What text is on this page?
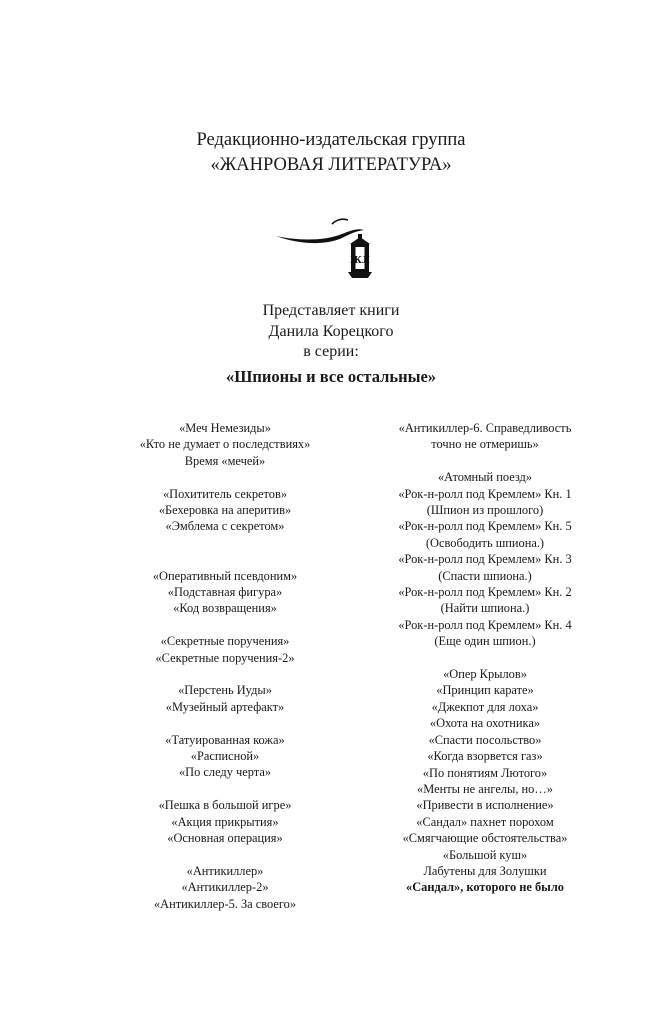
Редакционно-издательская группа
«ЖАНРОВАЯ ЛИТЕРАТУРА»
ЖЛ
Представляет книги
Данила Корецкого
в серии:
«Шпионы и все остальные»
«Меч Немезиды»
«Кто не думает о последствиях»
Время «мечей»
«Похититель секретов»
«Бехеровка на аперитив»
«Эмблема с секретом»
«Оперативный псевдоним»
«Подставная фигура»
«Код возвращения»
«Секретные поручения»
«Секретные поручения-2»
«Перстень Иуды»
«Музейный артефакт»
«Татуированная кожа»
«Расписной»
«По следу черта»
«Пешка в большой игре»
«Акция прикрытия»
«Основная операция»
«Антикиллер»
«Антикиллер-2»
«Антикиллер-5. За своего»
«Антикиллер-6. Справедливость
точно не отмеришь»
«Атомный поезд»
«Рок-н-ролл под Кремлем» Кн. 1
(Шпион из прошлого)
«Рок-н-ролл под Кремлем» Кн. 5
(Освободить шпиона.)
«Рок-н-ролл под Кремлем» Кн. 3
(Спасти шпиона.)
«Рок-н-ролл под Кремлем» Кн. 2
(Найти шпиона.)
«Рок-н-ролл под Кремлем» Кн. 4
(Еще один шпион.)
«Опер Крылов»
«Принцип карате»
«Джекпот для лоха»
«Охота на охотника»
«Спасти посольство»
«Когда взорвется газ»
«По понятиям Лютого»
«Менты не ангелы, но…»
«Привести в исполнение»
«Сандал» пахнет порохом
«Смягчающие обстоятельства»
«Большой куш»
Лабутены для Золушки
«Сандал», которого не было
